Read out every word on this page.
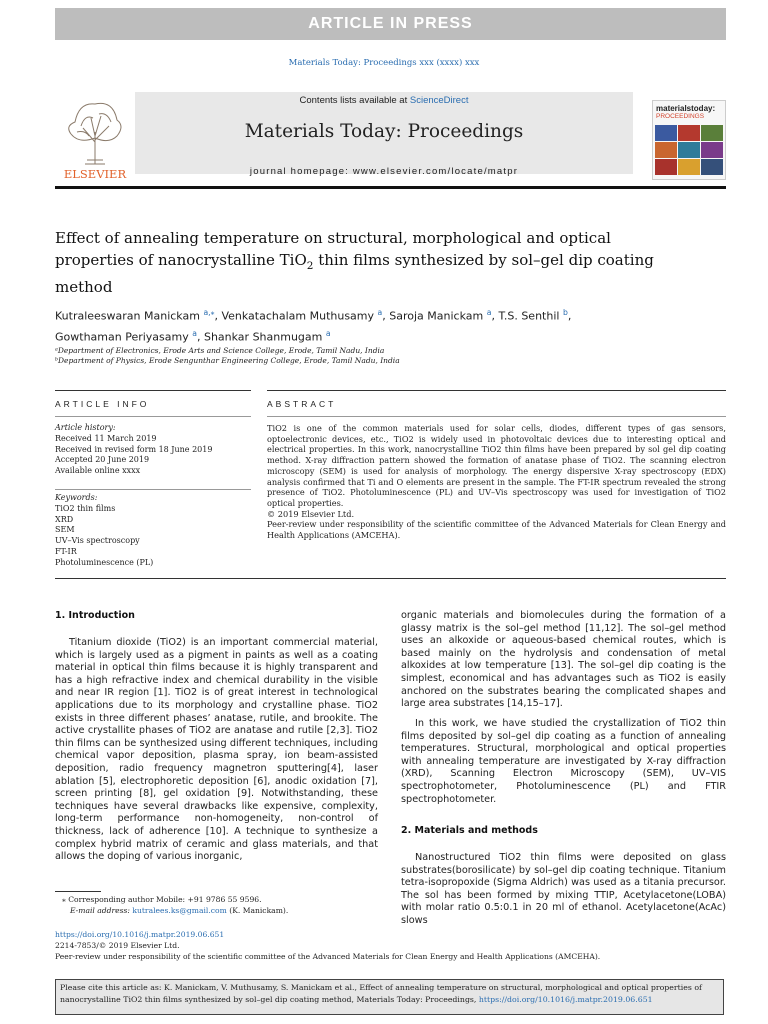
ARTICLE IN PRESS
Materials Today: Proceedings xxx (xxxx) xxx
ELSEVIER
Contents lists available at ScienceDirect
Materials Today: Proceedings
journal homepage: www.elsevier.com/locate/matpr
materialstoday:
PROCEEDINGS
Effect of annealing temperature on structural, morphological and optical properties of nanocrystalline TiO$_2$ thin films synthesized by sol–gel dip coating method
Kutraleeswaran Manickam $^{a,⁎}$, Venkatachalam Muthusamy $^a$, Saroja Manickam $^a$, T.S. Senthil $^b$,
Gowthaman Periyasamy $^a$, Shankar Shanmugam $^a$
ᵃDepartment of Electronics, Erode Arts and Science College, Erode, Tamil Nadu, India
ᵇDepartment of Physics, Erode Sengunthar Engineering College, Erode, Tamil Nadu, India
ARTICLE INFO
Article history:
Received 11 March 2019
Received in revised form 18 June 2019
Accepted 20 June 2019
Available online xxxx
Keywords:
TiO2 thin films
XRD
SEM
UV–Vis spectroscopy
FT-IR
Photoluminescence (PL)
ABSTRACT
TiO2 is one of the common materials used for solar cells, diodes, different types of gas sensors, optoelectronic devices, etc., TiO2 is widely used in photovoltaic devices due to interesting optical and electrical properties. In this work, nanocrystalline TiO2 thin films have been prepared by sol gel dip coating method. X-ray diffraction pattern showed the formation of anatase phase of TiO2. The scanning electron microscopy (SEM) is used for analysis of morphology. The energy dispersive X-ray spectroscopy (EDX) analysis confirmed that Ti and O elements are present in the sample. The FT-IR spectrum revealed the strong presence of TiO2. Photoluminescence (PL) and UV–Vis spectroscopy was used for investigation of TiO2 optical properties.
© 2019 Elsevier Ltd.
Peer-review under responsibility of the scientific committee of the Advanced Materials for Clean Energy and Health Applications (AMCEHA).
1. Introduction
Titanium dioxide (TiO2) is an important commercial material, which is largely used as a pigment in paints as well as a coating material in optical thin films because it is highly transparent and has a high refractive index and chemical durability in the visible and near IR region [1]. TiO2 is of great interest in technological applications due to its morphology and crystalline phase. TiO2 exists in three different phases’ anatase, rutile, and brookite. The active crystallite phases of TiO2 are anatase and rutile [2,3]. TiO2 thin films can be synthesized using different techniques, including chemical vapor deposition, plasma spray, ion beam-assisted deposition, radio frequency magnetron sputtering[4], laser ablation [5], electrophoretic deposition [6], anodic oxidation [7], screen printing [8], gel oxidation [9]. Notwithstanding, these techniques have several drawbacks like expensive, complexity, long-term performance non-homogeneity, non-control of thickness, lack of adherence [10]. A technique to synthesize a complex hybrid matrix of ceramic and glass materials, and that allows the doping of various inorganic,
organic materials and biomolecules during the formation of a glassy matrix is the sol–gel method [11,12]. The sol–gel method uses an alkoxide or aqueous-based chemical routes, which is based mainly on the hydrolysis and condensation of metal alkoxides at low temperature [13]. The sol–gel dip coating is the simplest, economical and has advantages such as TiO2 is easily anchored on the substrates bearing the complicated shapes and large area substrates [14,15–17].
In this work, we have studied the crystallization of TiO2 thin films deposited by sol–gel dip coating as a function of annealing temperatures. Structural, morphological and optical properties with annealing temperature are investigated by X-ray diffraction (XRD), Scanning Electron Microscopy (SEM), UV–VIS spectrophotometer, Photoluminescence (PL) and FTIR spectrophotometer.
2. Materials and methods
Nanostructured TiO2 thin films were deposited on glass substrates(borosilicate) by sol–gel dip coating technique. Titanium tetra-isopropoxide (Sigma Aldrich) was used as a titania precursor. The sol has been formed by mixing TTIP, Acetylacetone(LOBA) with molar ratio 0.5:0.1 in 20 ml of ethanol. Acetylacetone(AcAc) slows
⁎ Corresponding author Mobile: +91 9786 55 9596.
E-mail address: kutralees.ks@gmail.com (K. Manickam).
https://doi.org/10.1016/j.matpr.2019.06.651
2214-7853/© 2019 Elsevier Ltd.
Peer-review under responsibility of the scientific committee of the Advanced Materials for Clean Energy and Health Applications (AMCEHA).
Please cite this article as: K. Manickam, V. Muthusamy, S. Manickam et al., Effect of annealing temperature on structural, morphological and optical properties of nanocrystalline TiO2 thin films synthesized by sol–gel dip coating method, Materials Today: Proceedings, https://doi.org/10.1016/j.matpr.2019.06.651
